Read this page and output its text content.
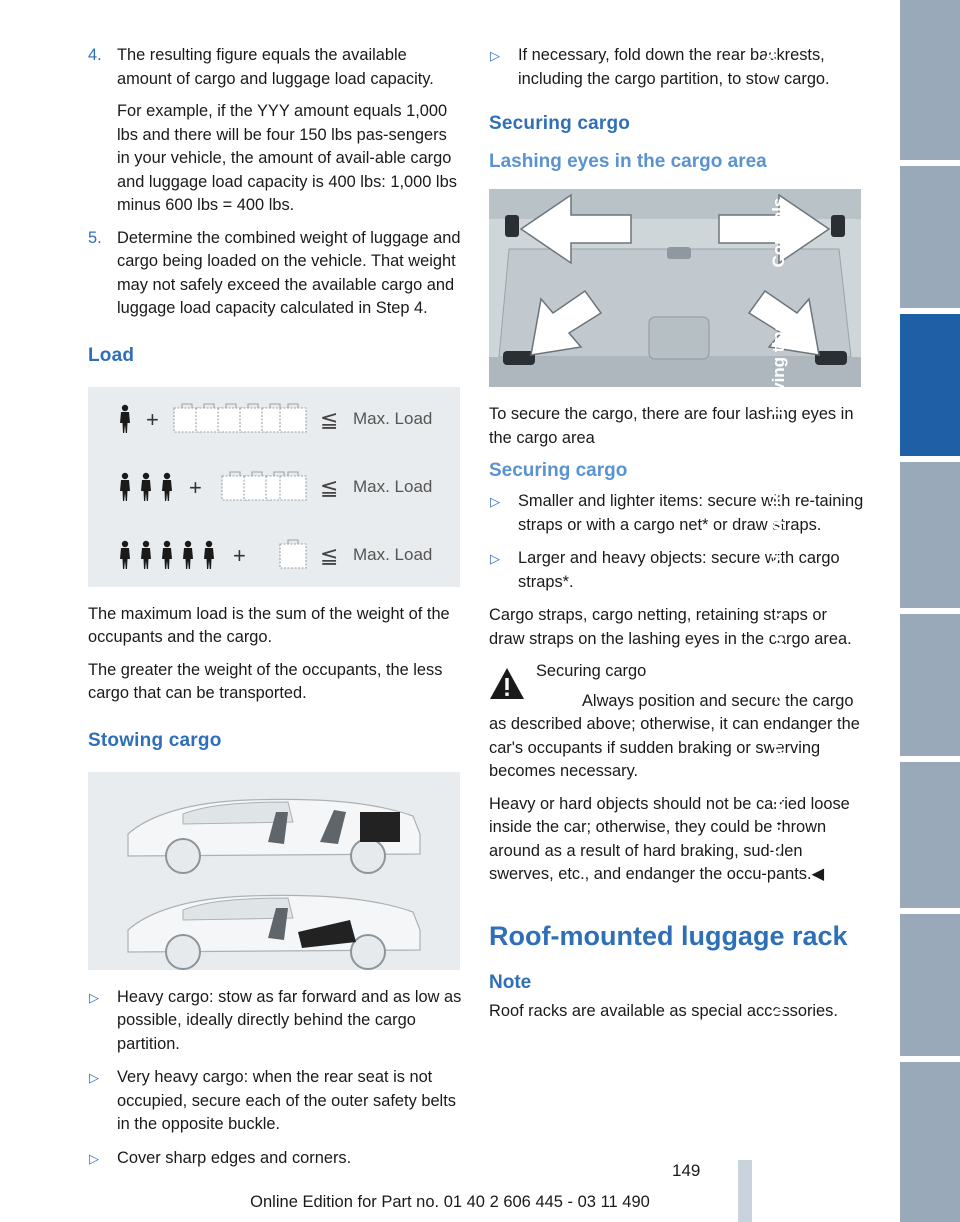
4. The resulting figure equals the available amount of cargo and luggage load capacity.

For example, if the YYY amount equals 1,000 lbs and there will be four 150 lbs pas-sengers in your vehicle, the amount of avail-able cargo and luggage load capacity is 400 lbs: 1,000 lbs minus 600 lbs = 400 lbs.

5. Determine the combined weight of luggage and cargo being loaded on the vehicle. That weight may not safely exceed the available cargo and luggage load capacity calculated in Step 4.

Load
+	≦ Max. Load
+	≦ Max. Load
+	≦ Max. Load

The maximum load is the sum of the weight of the occupants and the cargo.

The greater the weight of the occupants, the less cargo that can be transported.

Stowing cargo
▷ Heavy cargo: stow as far forward and as low as possible, ideally directly behind the cargo partition.

▷ Very heavy cargo: when the rear seat is not occupied, secure each of the outer safety belts in the opposite buckle.

▷ Cover sharp edges and corners.

▷ If necessary, fold down the rear backrests, including the cargo partition, to stow cargo.

Securing cargo
Lashing eyes in the cargo area

To secure the cargo, there are four lashing eyes in the cargo area

Securing cargo
▷ Smaller and lighter items: secure with re-taining straps or with a cargo net* or draw straps.

▷ Larger and heavy objects: secure with cargo straps*.

Cargo straps, cargo netting, retaining straps or draw straps on the lashing eyes in the cargo area.

Securing cargo

Always position and secure the cargo as described above; otherwise, it can endanger the car's occupants if sudden braking or swerving becomes necessary.

Heavy or hard objects should not be carried loose inside the car; otherwise, they could be thrown around as a result of hard braking, sud-den swerves, etc., and endanger the occu-pants.◀

Roof-mounted luggage rack
Note

Roof racks are available as special accessories.

At a glance
Controls
Driving tips
Navigation
Entertainment
Communication
Mobility
Reference
149
Online Edition for Part no. 01 40 2 606 445 - 03 11 490
